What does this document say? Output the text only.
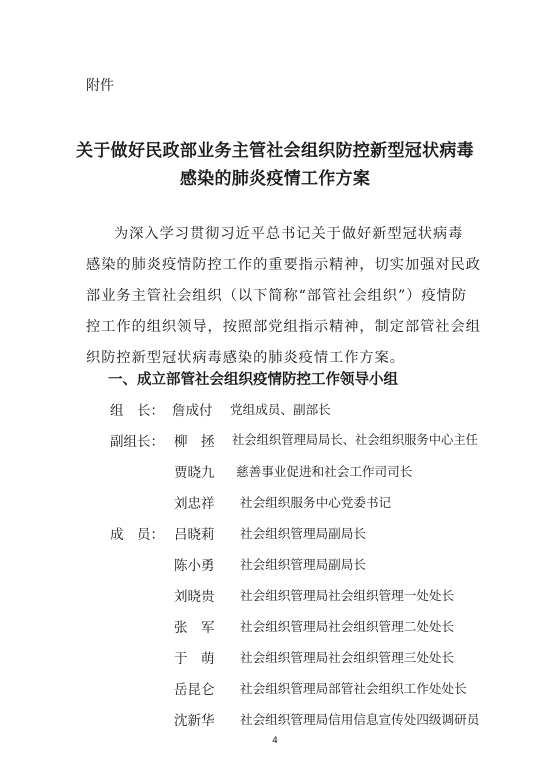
附件
关于做好民政部业务主管社会组织防控新型冠状病毒
感染的肺炎疫情工作方案
为深入学习贯彻习近平总书记关于做好新型冠状病毒
感染的肺炎疫情防控工作的重要指示精神，切实加强对民政
部业务主管社会组织（以下简称“部管社会组织”）疫情防
控工作的组织领导，按照部党组指示精神，制定部管社会组
织防控新型冠状病毒感染的肺炎疫情工作方案。
一、成立部管社会组织疫情防控工作领导小组
组　长： 詹成付 党组成员、副部长
副组长： 柳　拯 社会组织管理局局长、社会组织服务中心主任
贾晓九 慈善事业促进和社会工作司司长
刘忠祥 社会组织服务中心党委书记
成　员： 吕晓莉 社会组织管理局副局长
陈小勇 社会组织管理局副局长
刘晓贵 社会组织管理局社会组织管理一处处长
张　军 社会组织管理局社会组织管理二处处长
于　萌 社会组织管理局社会组织管理三处处长
岳昆仑 社会组织管理局部管社会组织工作处处长
沈新华 社会组织管理局信用信息宣传处四级调研员
4
